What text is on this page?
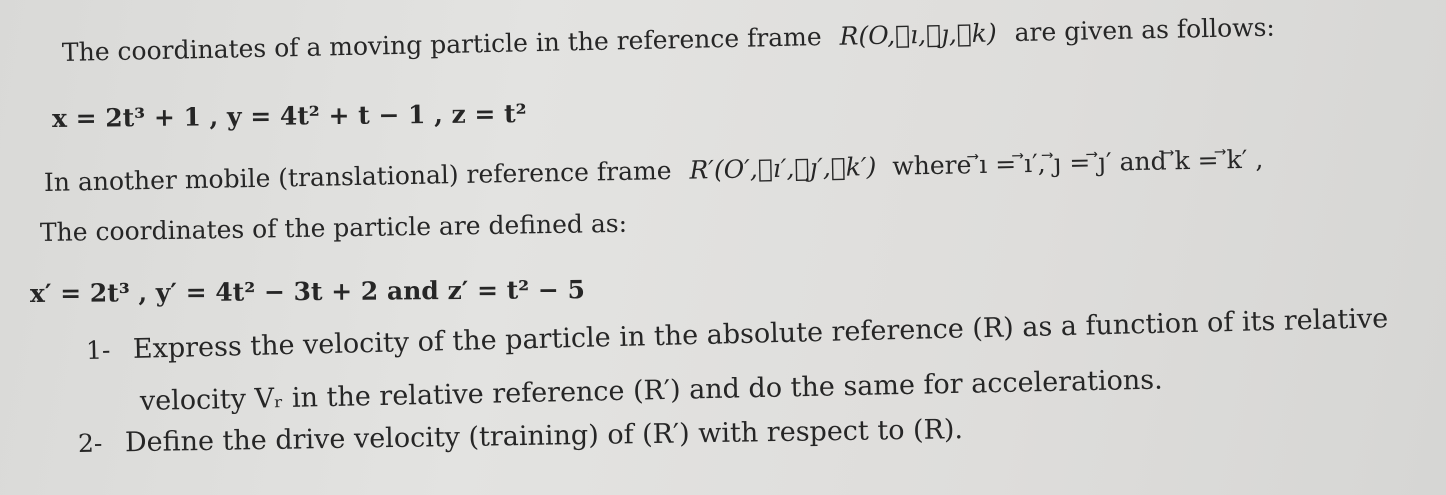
The coordinates of a moving particle in the reference frame R(O,⃗ı,⃗ȷ,⃗k) are given as follows:
x = 2t³ + 1 , y = 4t² + t − 1 , z = t²
In another mobile (translational) reference frame R′(O′,⃗ı′,⃗ȷ′,⃗k′) where ⃗ı = ⃗ı′, ⃗ȷ = ⃗ȷ′ and ⃗k = ⃗k′ ,
The coordinates of the particle are defined as:
x′ = 2t³ , y′ = 4t² − 3t + 2 and z′ = t² − 5
1- Express the velocity of the particle in the absolute reference (R) as a function of its relative
velocity Vᵣ in the relative reference (R′) and do the same for accelerations.
2- Define the drive velocity (training) of (R′) with respect to (R).
